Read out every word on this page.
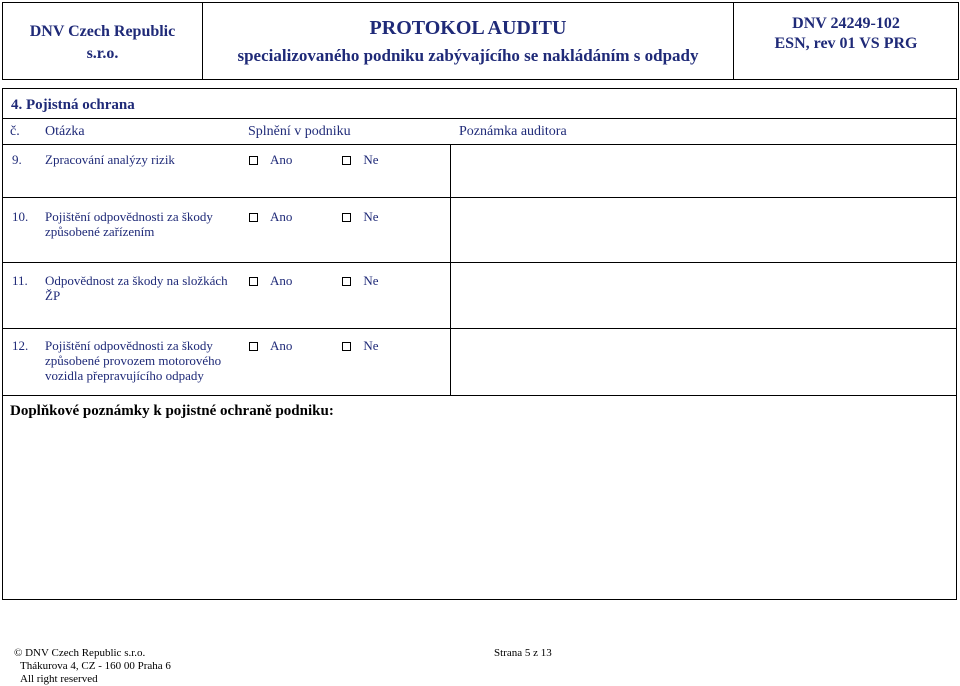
DNV Czech Republic
s.r.o.
PROTOKOL AUDITU
specializovaného podniku zabývajícího se nakládáním s odpady
DNV 24249-102
ESN, rev 01 VS PRG
4. Pojistná ochrana
č. Otázka	Splnění v podniku	Poznámka auditora
9. Zpracování analýzy rizik	Ano	Ne
10. Pojištění odpovědnosti za škody
způsobené zařízením
Ano	Ne
11. Odpovědnost za škody na složkách
ŽP
Ano	Ne
12. Pojištění odpovědnosti za škody
způsobené provozem motorového
vozidla přepravujícího odpady
Ano	Ne
Doplňkové poznámky k pojistné ochraně podniku:
© DNV Czech Republic s.r.o.
Thákurova 4, CZ - 160 00 Praha 6
All right reserved
Strana 5 z 13
